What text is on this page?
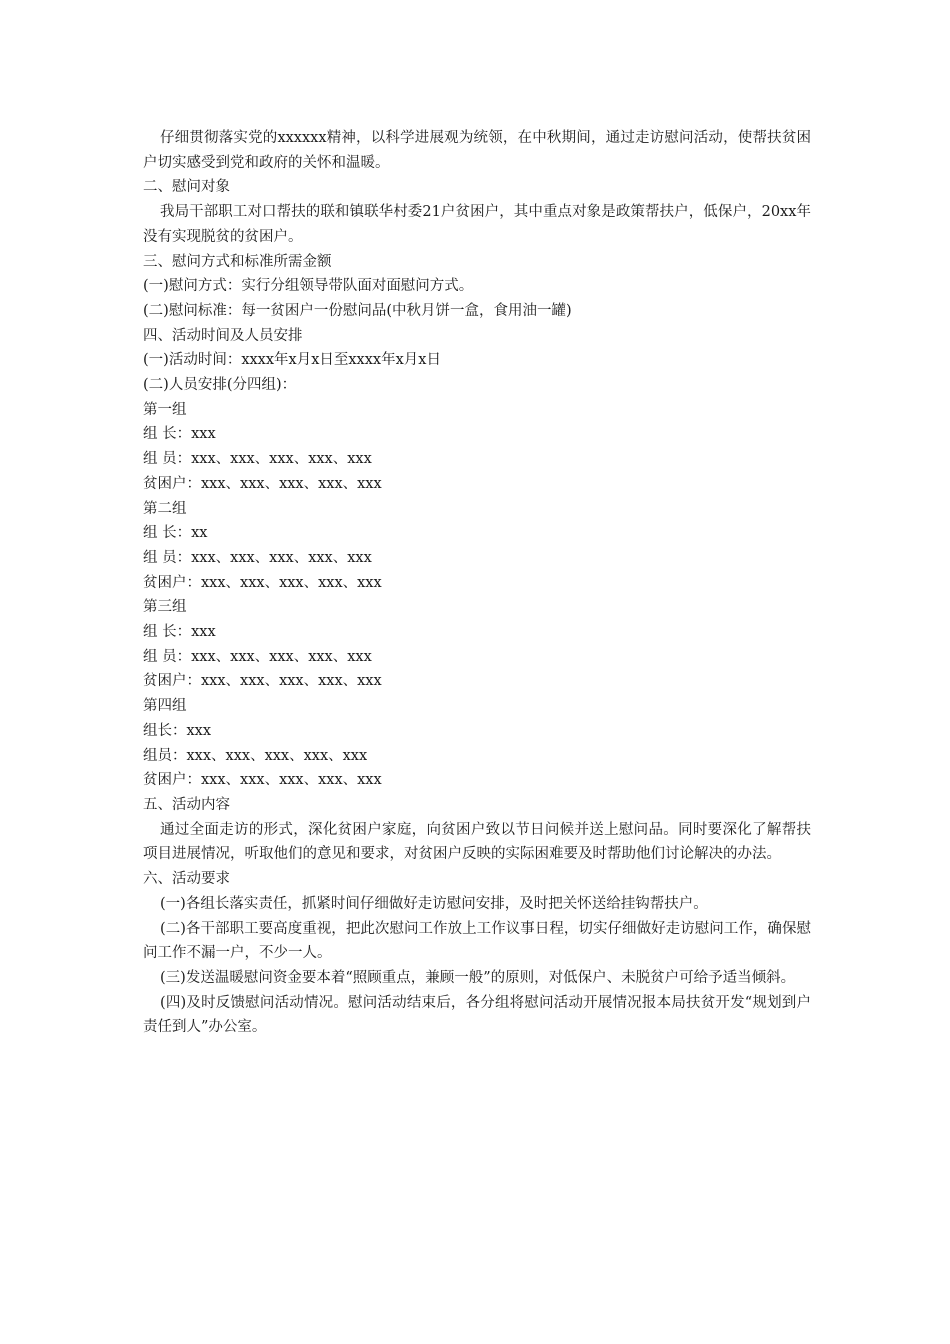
仔细贯彻落实党的xxxxxx精神，以科学进展观为统领，在中秋期间，通过走访慰问活动，使帮扶贫困户切实感受到党和政府的关怀和温暖。

二、慰问对象

我局干部职工对口帮扶的联和镇联华村委21户贫困户，其中重点对象是政策帮扶户，低保户，20xx年没有实现脱贫的贫困户。

三、慰问方式和标准所需金额

(一)慰问方式：实行分组领导带队面对面慰问方式。

(二)慰问标准：每一贫困户一份慰问品(中秋月饼一盒，食用油一罐)

四、活动时间及人员安排

(一)活动时间：xxxx年x月x日至xxxx年x月x日

(二)人员安排(分四组)：

第一组

组 长：xxx

组 员：xxx、xxx、xxx、xxx、xxx

贫困户：xxx、xxx、xxx、xxx、xxx

第二组

组 长：xx

组 员：xxx、xxx、xxx、xxx、xxx

贫困户：xxx、xxx、xxx、xxx、xxx

第三组

组 长：xxx

组 员：xxx、xxx、xxx、xxx、xxx

贫困户：xxx、xxx、xxx、xxx、xxx

第四组

组长：xxx

组员：xxx、xxx、xxx、xxx、xxx

贫困户：xxx、xxx、xxx、xxx、xxx

五、活动内容

通过全面走访的形式，深化贫困户家庭，向贫困户致以节日问候并送上慰问品。同时要深化了解帮扶项目进展情况，听取他们的意见和要求，对贫困户反映的实际困难要及时帮助他们讨论解决的办法。

六、活动要求

(一)各组长落实责任，抓紧时间仔细做好走访慰问安排，及时把关怀送给挂钩帮扶户。

(二)各干部职工要高度重视，把此次慰问工作放上工作议事日程，切实仔细做好走访慰问工作，确保慰问工作不漏一户，不少一人。

(三)发送温暖慰问资金要本着“照顾重点，兼顾一般”的原则，对低保户、未脱贫户可给予适当倾斜。

(四)及时反馈慰问活动情况。慰问活动结束后，各分组将慰问活动开展情况报本局扶贫开发“规划到户责任到人”办公室。
